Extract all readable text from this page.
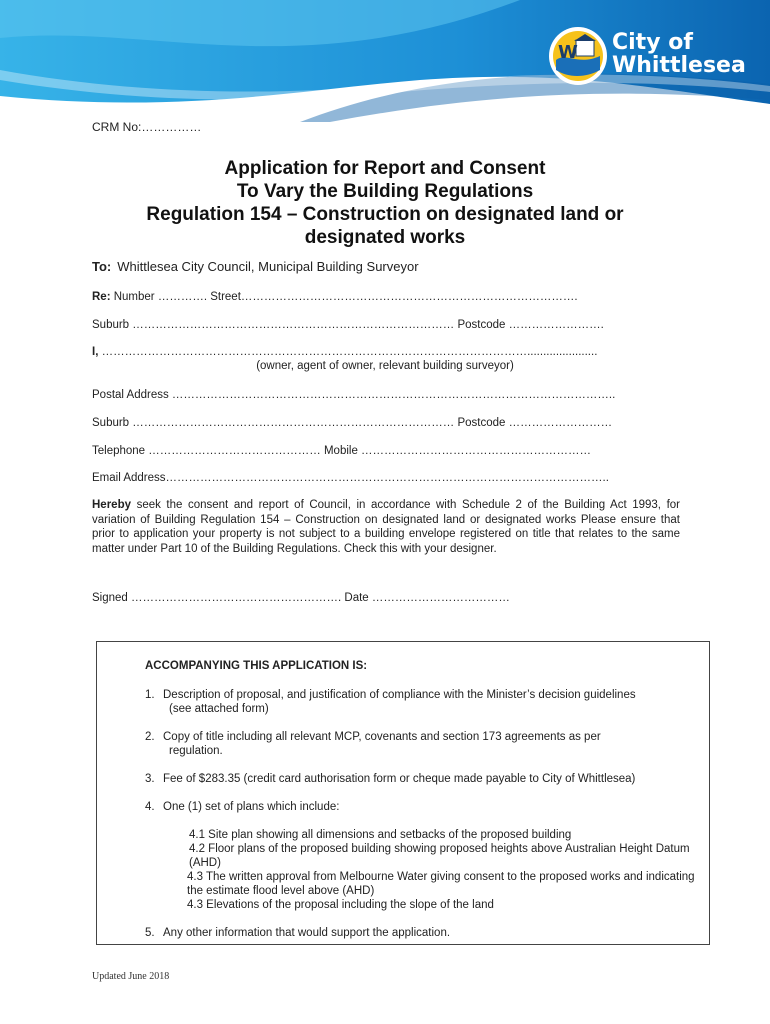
W City of
Whittlesea
CRM No:……………
Application for Report and Consent
To Vary the Building Regulations
Regulation 154 – Construction on designated land or
designated works
To: Whittlesea City Council, Municipal Building Surveyor
Re: Number …………. Street…………………………………………………………………………….
Suburb ………………………………………………………………………… Postcode …………………….
I, …………………………………………………………………………………………………......................
(owner, agent of owner, relevant building surveyor)
Postal Address ……………………………………………………………………………………………………..
Suburb ………………………………………………………………………… Postcode ………………………
Telephone ……………………………………… Mobile ……………………………………………………
Email Address……………………………………………………………………………………………………..
Hereby seek the consent and report of Council, in accordance with Schedule 2 of the Building Act 1993, for variation of Building Regulation 154 – Construction on designated land or designated works Please ensure that prior to application your property is not subject to a building envelope registered on title that relates to the same matter under Part 10 of the Building Regulations. Check this with your designer.
Signed ………………………………………………. Date ………………………………
ACCOMPANYING THIS APPLICATION IS:
1. Description of proposal, and justification of compliance with the Minister’s decision guidelines
(see attached form)
2. Copy of title including all relevant MCP, covenants and section 173 agreements as per
regulation.
3. Fee of $283.35 (credit card authorisation form or cheque made payable to City of Whittlesea)
4. One (1) set of plans which include:
4.1 Site plan showing all dimensions and setbacks of the proposed building
4.2 Floor plans of the proposed building showing proposed heights above Australian Height Datum (AHD)
4.3 The written approval from Melbourne Water giving consent to the proposed works and indicating the estimate flood level above (AHD)
4.3 Elevations of the proposal including the slope of the land
5. Any other information that would support the application.
Updated June 2018
